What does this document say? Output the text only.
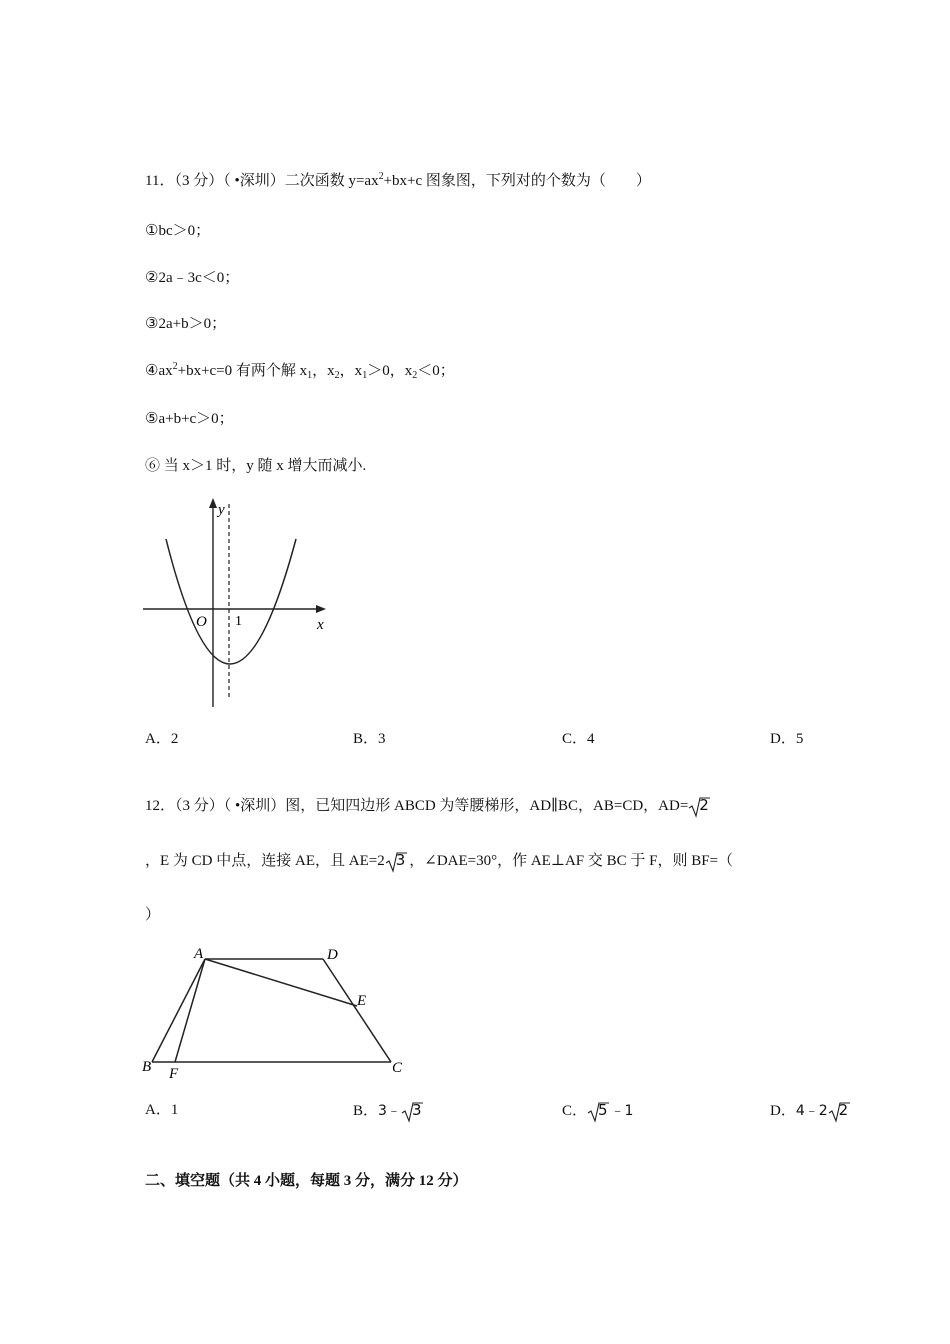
11．（3 分）（ •深圳）二次函数 $y=ax^2+bx+c$ 图象图，下列对的个数为（　　）
①bc＞0；
②2a﹣3c＜0；
③2a+b＞0；
$④ax^2+bx+c=0$ 有两个解 $x_1$，$x_2$，$x_1>0$，$x_2<0$；
⑤a+b+c＞0；
⑥ 当 x＞1 时，y 随 x 增大而减小.
y
x
O 1
A．2	B．3	C．4	D．5
12．（3 分）（ •深圳）图，已知四边形 ABCD 为等腰梯形，AD∥BC，AB=CD，AD= 2
，E 为 CD 中点，连接 AE，且 AE=2 3 ，∠DAE=30°，作 AE⊥AF 交 BC 于 F，则 BF=（
）
A	D
E
B F	C
A．1	B．3﹣ 3	C． 5 ﹣1	D．4﹣2 2
二、填空题（共 4 小题，每题 3 分，满分 12 分）
